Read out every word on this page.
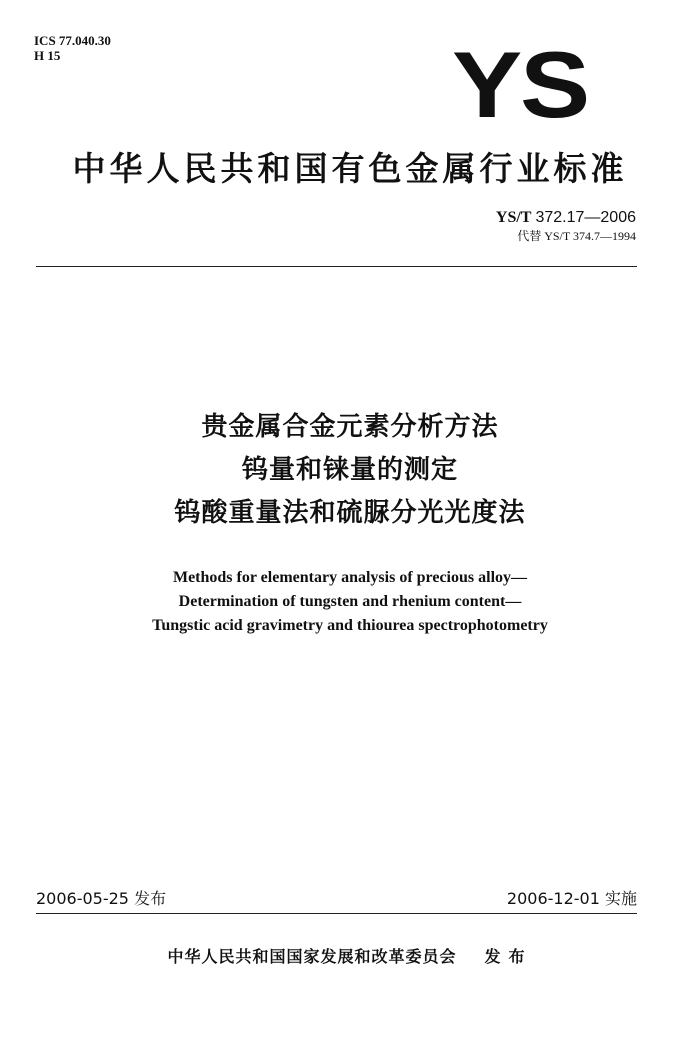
ICS 77.040.30
H 15	YS
中华人民共和国有色金属行业标准
YS/T 372.17—2006
代替 YS/T 374.7—1994
贵金属合金元素分析方法
钨量和铼量的测定
钨酸重量法和硫脲分光光度法
Methods for elementary analysis of precious alloy—
Determination of tungsten and rhenium content—
Tungstic acid gravimetry and thiourea spectrophotometry
2006-05-25 发布	2006-12-01 实施
中华人民共和国国家发展和改革委员会 发布
